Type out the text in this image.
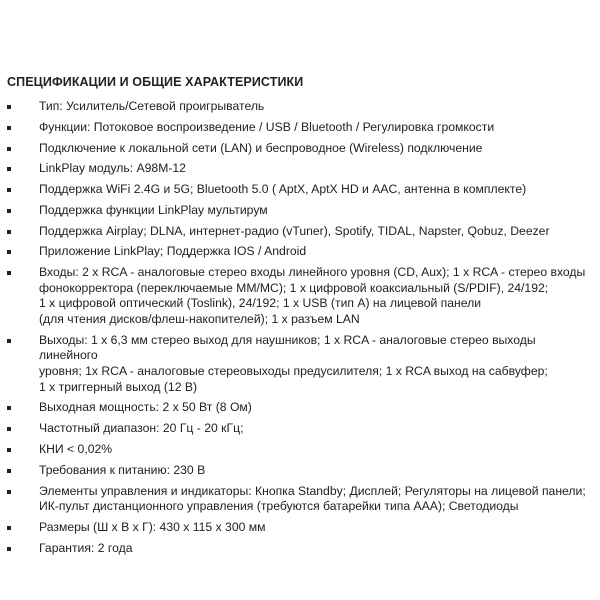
СПЕЦИФИКАЦИИ И ОБЩИЕ ХАРАКТЕРИСТИКИ
Тип: Усилитель/Сетевой проигрыватель
Функции: Потоковое воспроизведение / USB / Bluetooth / Регулировка громкости
Подключение к локальной сети (LAN) и беспроводное (Wireless) подключение
LinkPlay модуль: A98M-12
Поддержка WiFi 2.4G и 5G; Bluetooth 5.0 ( AptX, AptX HD и AAC, антенна в комплекте)
Поддержка функции LinkPlay мультирум
Поддержка Airplay; DLNA, интернет-радио (vTuner), Spotify, TIDAL, Napster, Qobuz, Deezer
Приложение LinkPlay; Поддержка IOS / Android
Входы: 2 x RCA - аналоговые стерео входы линейного уровня (CD, Aux); 1 x RCA - стерео входы
фонокорректора (переключаемые MM/MC); 1 x цифровой коаксиальный (S/PDIF), 24/192;
1 x цифровой оптический (Toslink), 24/192; 1 x USB (тип A) на лицевой панели
(для чтения дисков/флеш-накопителей); 1 x разъем LAN
Выходы: 1 x 6,3 мм стерео выход для наушников; 1 x RCA - аналоговые стерео выходы линейного
уровня; 1x RCA - аналоговые стереовыходы предусилителя; 1 x RCA выход на сабвуфер;
1 x триггерный выход (12 В)
Выходная мощность: 2 x 50 Вт (8 Ом)
Частотный диапазон: 20 Гц - 20 кГц;
КНИ < 0,02%
Требования к питанию: 230 В
Элементы управления и индикаторы: Кнопка Standby; Дисплей; Регуляторы на лицевой панели;
ИК-пульт дистанционного управления (требуются батарейки типа AAA); Светодиоды
Размеры (Ш x В x Г): 430 x 115 x 300 мм
Гарантия: 2 года
